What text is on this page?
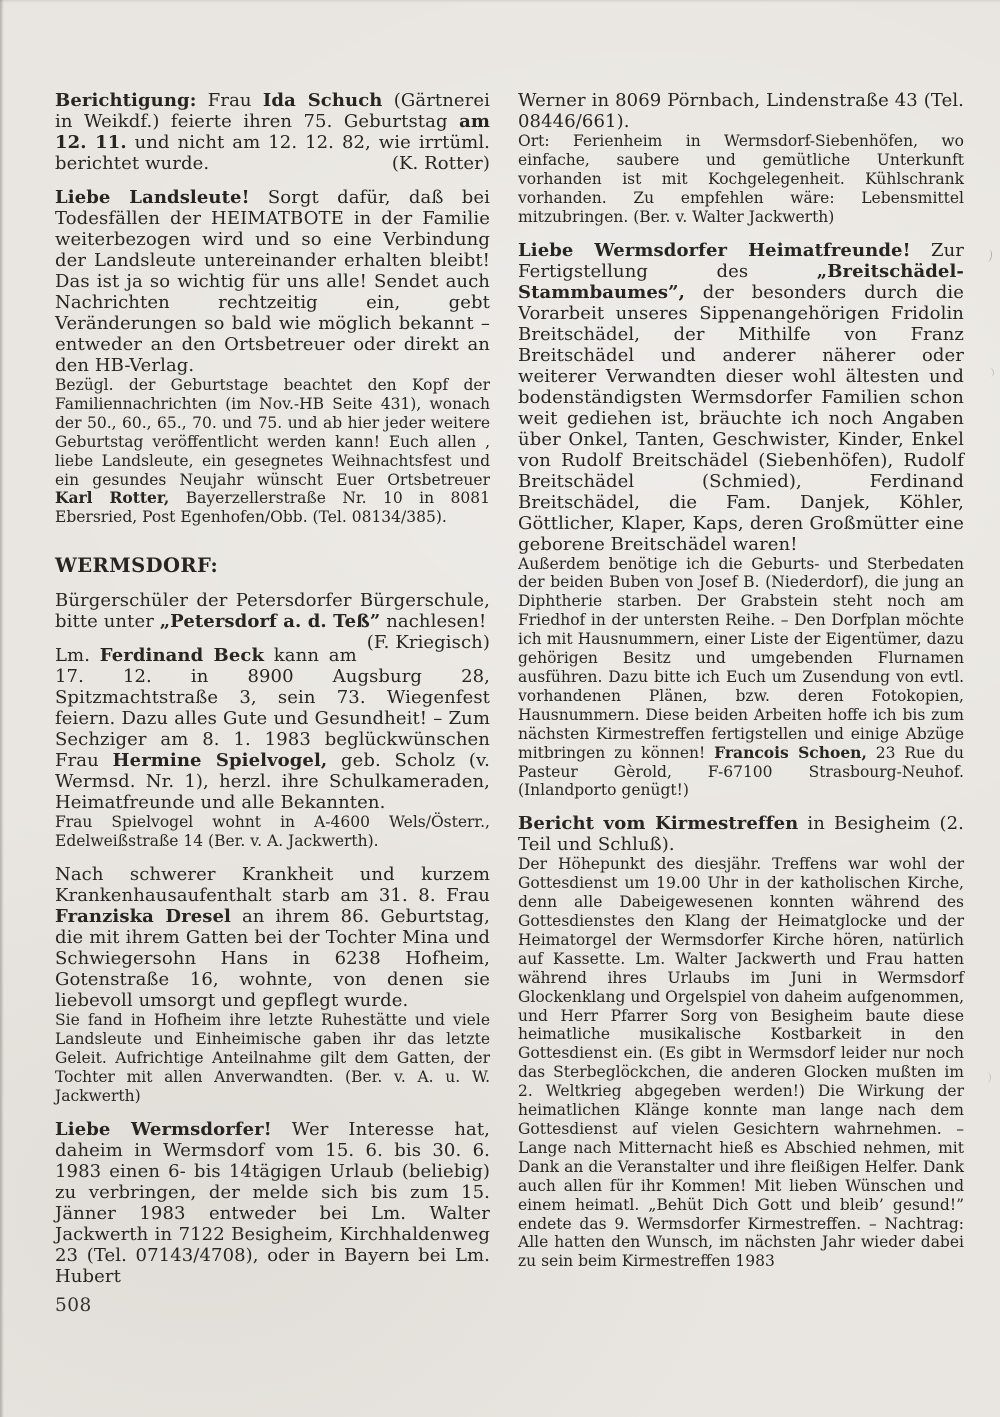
Berichtigung: Frau Ida Schuch (Gärtnerei in Weikdf.) feierte ihren 75. Geburtstag am 12. 11. und nicht am 12. 12. 82, wie irrtüml. berichtet wurde.	(K. Rotter)

Liebe Landsleute! Sorgt dafür, daß bei Todesfällen der HEIMATBOTE in der Familie weiterbezogen wird und so eine Verbindung der Landsleute untereinander erhalten bleibt! Das ist ja so wichtig für uns alle! Sendet auch Nachrichten rechtzeitig ein, gebt Veränderungen so bald wie möglich bekannt – entweder an den Ortsbetreuer oder direkt an den HB-Verlag.

Bezügl. der Geburtstage beachtet den Kopf der Familiennachrichten (im Nov.-HB Seite 431), wonach der 50., 60., 65., 70. und 75. und ab hier jeder weitere Geburtstag veröffentlicht werden kann! Euch allen , liebe Landsleute, ein gesegnetes Weihnachtsfest und ein gesundes Neujahr wünscht Euer Ortsbetreuer Karl Rotter, Bayerzellerstraße Nr. 10 in 8081 Ebersried, Post Egenhofen/Obb. (Tel. 08134/385).

WERMSDORF:

Bürgerschüler der Petersdorfer Bürgerschule, bitte unter „Petersdorf a. d. Teß” nachlesen!
(F. Kriegisch)

Lm. Ferdinand Beck kann am 17. 12. in 8900 Augsburg 28, Spitzmachtstraße 3, sein 73. Wiegenfest feiern. Dazu alles Gute und Gesundheit! – Zum Sechziger am 8. 1. 1983 beglückwünschen Frau Hermine Spielvogel, geb. Scholz (v. Wermsd. Nr. 1), herzl. ihre Schulkameraden, Heimatfreunde und alle Bekannten.

Frau Spielvogel wohnt in A-4600 Wels/Österr., Edelweißstraße 14 (Ber. v. A. Jackwerth).

Nach schwerer Krankheit und kurzem Krankenhausaufenthalt starb am 31. 8. Frau Franziska Dresel an ihrem 86. Geburtstag, die mit ihrem Gatten bei der Tochter Mina und Schwiegersohn Hans in 6238 Hofheim, Gotenstraße 16, wohnte, von denen sie liebevoll umsorgt und gepflegt wurde.

Sie fand in Hofheim ihre letzte Ruhestätte und viele Landsleute und Einheimische gaben ihr das letzte Geleit. Aufrichtige Anteilnahme gilt dem Gatten, der Tochter mit allen Anverwandten. (Ber. v. A. u. W. Jackwerth)

Liebe Wermsdorfer! Wer Interesse hat, daheim in Wermsdorf vom 15. 6. bis 30. 6. 1983 einen 6- bis 14tägigen Urlaub (beliebig) zu verbringen, der melde sich bis zum 15. Jänner 1983 entweder bei Lm. Walter Jackwerth in 7122 Besigheim, Kirchhaldenweg 23 (Tel. 07143/4708), oder in Bayern bei Lm. Hubert

Werner in 8069 Pörnbach, Lindenstraße 43 (Tel. 08446/661).

Ort: Ferienheim in Wermsdorf-Siebenhöfen, wo einfache, saubere und gemütliche Unterkunft vorhanden ist mit Kochgelegenheit. Kühlschrank vorhanden. Zu empfehlen wäre: Lebensmittel mitzubringen. (Ber. v. Walter Jackwerth)

Liebe Wermsdorfer Heimatfreunde! Zur Fertigstellung des „Breitschädel-Stammbaumes”, der besonders durch die Vorarbeit unseres Sippenangehörigen Fridolin Breitschädel, der Mithilfe von Franz Breitschädel und anderer näherer oder weiterer Verwandten dieser wohl ältesten und bodenständigsten Wermsdorfer Familien schon weit gediehen ist, bräuchte ich noch Angaben über Onkel, Tanten, Geschwister, Kinder, Enkel von Rudolf Breitschädel (Siebenhöfen), Rudolf Breitschädel (Schmied), Ferdinand Breitschädel, die Fam. Danjek, Köhler, Göttlicher, Klaper, Kaps, deren Großmütter eine geborene Breitschädel waren!

Außerdem benötige ich die Geburts- und Sterbedaten der beiden Buben von Josef B. (Niederdorf), die jung an Diphtherie starben. Der Grabstein steht noch am Friedhof in der untersten Reihe. – Den Dorfplan möchte ich mit Hausnummern, einer Liste der Eigentümer, dazu gehörigen Besitz und umgebenden Flurnamen ausführen. Dazu bitte ich Euch um Zusendung von evtl. vorhandenen Plänen, bzw. deren Fotokopien, Hausnummern. Diese beiden Arbeiten hoffe ich bis zum nächsten Kirmestreffen fertigstellen und einige Abzüge mitbringen zu können! Francois Schoen, 23 Rue du Pasteur Gèrold, F-67100 Strasbourg-Neuhof. (Inlandporto genügt!)

Bericht vom Kirmestreffen in Besigheim (2. Teil und Schluß).

Der Höhepunkt des diesjähr. Treffens war wohl der Gottesdienst um 19.00 Uhr in der katholischen Kirche, denn alle Dabeigewesenen konnten während des Gottesdienstes den Klang der Heimatglocke und der Heimatorgel der Wermsdorfer Kirche hören, natürlich auf Kassette. Lm. Walter Jackwerth und Frau hatten während ihres Urlaubs im Juni in Wermsdorf Glockenklang und Orgelspiel von daheim aufgenommen, und Herr Pfarrer Sorg von Besigheim baute diese heimatliche musikalische Kostbarkeit in den Gottesdienst ein. (Es gibt in Wermsdorf leider nur noch das Sterbeglöckchen, die anderen Glocken mußten im 2. Weltkrieg abgegeben werden!) Die Wirkung der heimatlichen Klänge konnte man lange nach dem Gottesdienst auf vielen Gesichtern wahrnehmen. – Lange nach Mitternacht hieß es Abschied nehmen, mit Dank an die Veranstalter und ihre fleißigen Helfer. Dank auch allen für ihr Kommen! Mit lieben Wünschen und einem heimatl. „Behüt Dich Gott und bleib’ gesund!” endete das 9. Wermsdorfer Kirmestreffen. – Nachtrag: Alle hatten den Wunsch, im nächsten Jahr wieder dabei zu sein beim Kirmestreffen 1983

508
